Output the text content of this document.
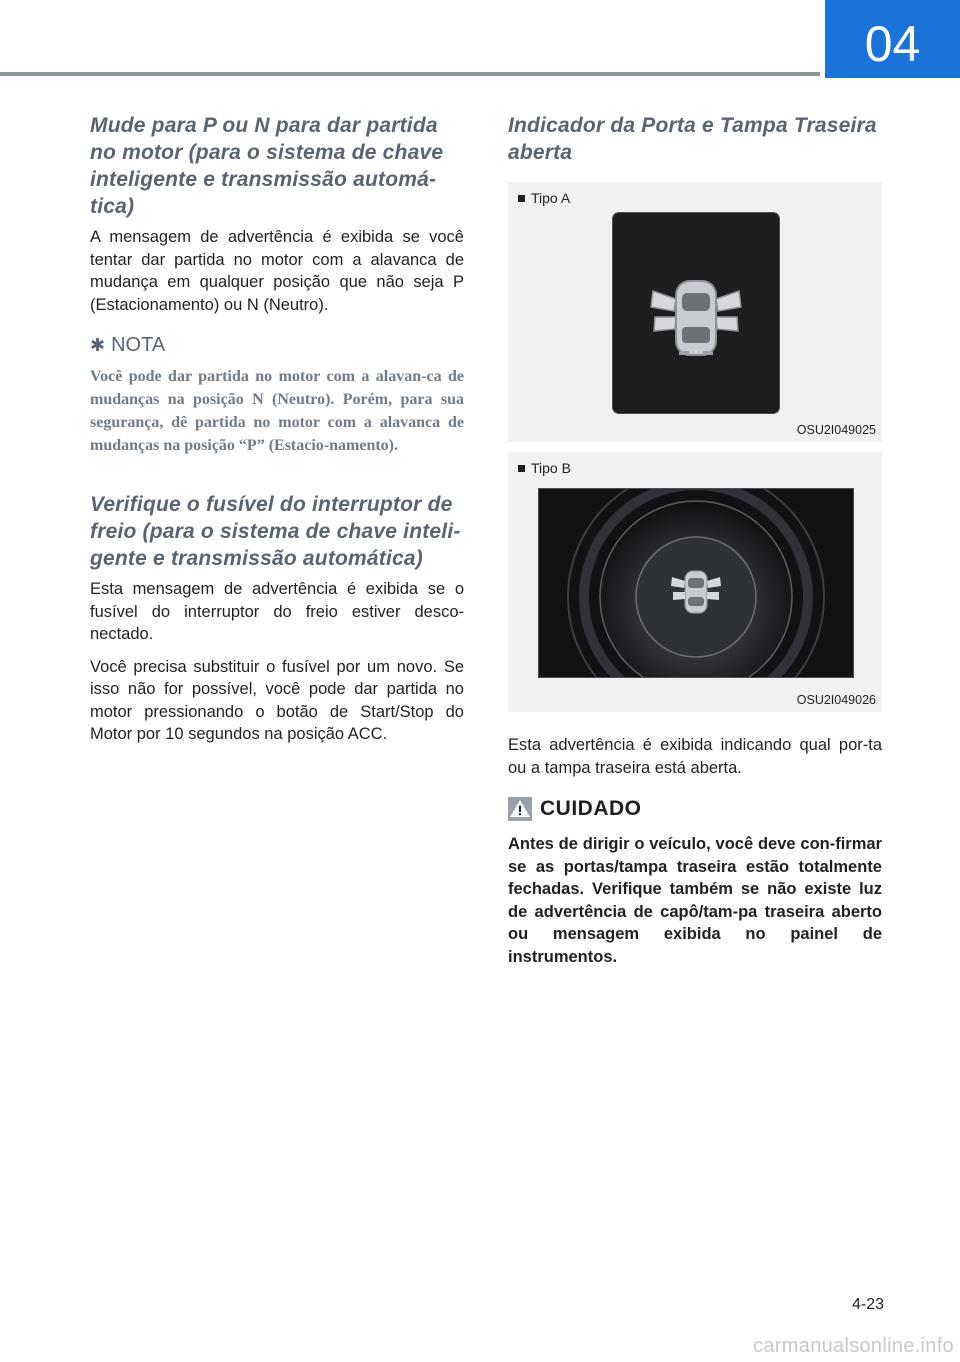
04
Mude para P ou N para dar partida no motor (para o sistema de chave inteligente e transmissão automá-tica)

A mensagem de advertência é exibida se você tentar dar partida no motor com a alavanca de mudança em qualquer posição que não seja P (Estacionamento) ou N (Neutro).

✱ NOTA

Você pode dar partida no motor com a alavan-ca de mudanças na posição N (Neutro). Porém, para sua segurança, dê partida no motor com a alavanca de mudanças na posição “P” (Estacio-namento).

Verifique o fusível do interruptor de freio (para o sistema de chave inteli-gente e transmissão automática)

Esta mensagem de advertência é exibida se o fusível do interruptor do freio estiver desco-nectado.

Você precisa substituir o fusível por um novo. Se isso não for possível, você pode dar partida no motor pressionando o botão de Start/Stop do Motor por 10 segundos na posição ACC.

Indicador da Porta e Tampa Traseira aberta
Tipo A
OSU2I049025
Tipo B
OSU2I049026

Esta advertência é exibida indicando qual por-ta ou a tampa traseira está aberta.

CUIDADO

Antes de dirigir o veículo, você deve con-firmar se as portas/tampa traseira estão totalmente fechadas. Verifique também se não existe luz de advertência de capô/tam-pa traseira aberto ou mensagem exibida no painel de instrumentos.

4-23
carmanualsonline.info
